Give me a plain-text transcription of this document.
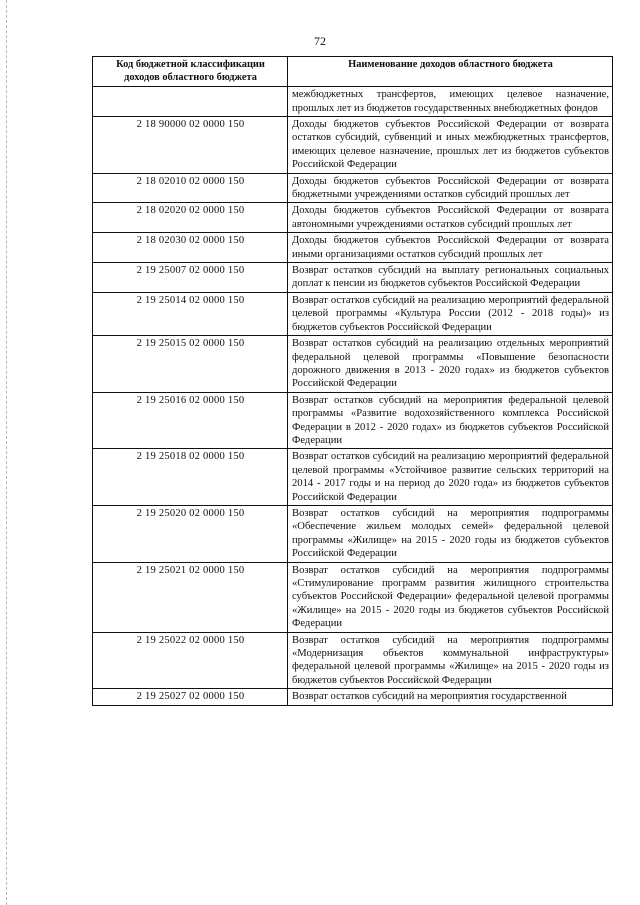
72
Код бюджетной классификации доходов областного бюджета	Наименование доходов областного бюджета
	межбюджетных трансфертов, имеющих целевое назначение, прошлых лет из бюджетов государственных внебюджетных фондов
2 18 90000 02 0000 150	Доходы бюджетов субъектов Российской Федерации от возврата остатков субсидий, субвенций и иных межбюджетных трансфертов, имеющих целевое назначение, прошлых лет из бюджетов субъектов Российской Федерации
2 18 02010 02 0000 150	Доходы бюджетов субъектов Российской Федерации от возврата бюджетными учреждениями остатков субсидий прошлых лет
2 18 02020 02 0000 150	Доходы бюджетов субъектов Российской Федерации от возврата автономными учреждениями остатков субсидий прошлых лет
2 18 02030 02 0000 150	Доходы бюджетов субъектов Российской Федерации от возврата иными организациями остатков субсидий прошлых лет
2 19 25007 02 0000 150	Возврат остатков субсидий на выплату региональных социальных доплат к пенсии из бюджетов субъектов Российской Федерации
2 19 25014 02 0000 150	Возврат остатков субсидий на реализацию мероприятий федеральной целевой программы «Культура России (2012 - 2018 годы)» из бюджетов субъектов Российской Федерации
2 19 25015 02 0000 150	Возврат остатков субсидий на реализацию отдельных мероприятий федеральной целевой программы «Повышение безопасности дорожного движения в 2013 - 2020 годах» из бюджетов субъектов Российской Федерации
2 19 25016 02 0000 150	Возврат остатков субсидий на мероприятия федеральной целевой программы «Развитие водохозяйственного комплекса Российской Федерации в 2012 - 2020 годах» из бюджетов субъектов Российской Федерации
2 19 25018 02 0000 150	Возврат остатков субсидий на реализацию мероприятий федеральной целевой программы «Устойчивое развитие сельских территорий на 2014 - 2017 годы и на период до 2020 года» из бюджетов субъектов Российской Федерации
2 19 25020 02 0000 150	Возврат остатков субсидий на мероприятия подпрограммы «Обеспечение жильем молодых семей» федеральной целевой программы «Жилище» на 2015 - 2020 годы из бюджетов субъектов Российской Федерации
2 19 25021 02 0000 150	Возврат остатков субсидий на мероприятия подпрограммы «Стимулирование программ развития жилищного строительства субъектов Российской Федерации» федеральной целевой программы «Жилище» на 2015 - 2020 годы из бюджетов субъектов Российской Федерации
2 19 25022 02 0000 150	Возврат остатков субсидий на мероприятия подпрограммы «Модернизация объектов коммунальной инфраструктуры» федеральной целевой программы «Жилище» на 2015 - 2020 годы из бюджетов субъектов Российской Федерации
2 19 25027 02 0000 150	Возврат остатков субсидий на мероприятия государственной
